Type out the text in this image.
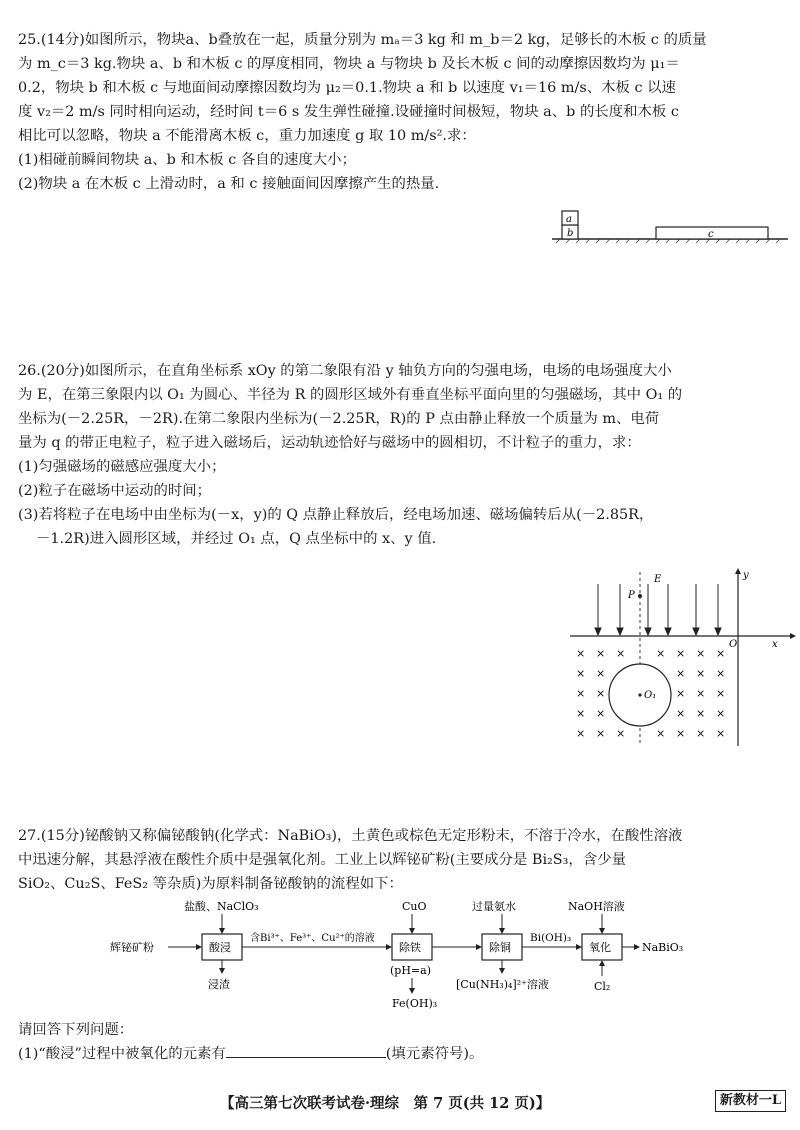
25.(14分)如图所示，物块a、b叠放在一起，质量分别为 mₐ＝3 kg 和 m_b＝2 kg，足够长的木板 c 的质量

为 m_c＝3 kg.物块 a、b 和木板 c 的厚度相同，物块 a 与物块 b 及长木板 c 间的动摩擦因数均为 μ₁＝

0.2，物块 b 和木板 c 与地面间动摩擦因数均为 μ₂＝0.1.物块 a 和 b 以速度 v₁＝16 m/s、木板 c 以速

度 v₂＝2 m/s 同时相向运动，经时间 t＝6 s 发生弹性碰撞.设碰撞时间极短，物块 a、b 的长度和木板 c

相比可以忽略，物块 a 不能滑离木板 c，重力加速度 g 取 10 m/s².求：

(1)相碰前瞬间物块 a、b 和木板 c 各自的速度大小；

(2)物块 a 在木板 c 上滑动时，a 和 c 接触面间因摩擦产生的热量.

b
a
c

26.(20分)如图所示，在直角坐标系 xOy 的第二象限有沿 y 轴负方向的匀强电场，电场的电场强度大小

为 E，在第三象限内以 O₁ 为圆心、半径为 R 的圆形区域外有垂直坐标平面向里的匀强磁场，其中 O₁ 的

坐标为(－2.25R，－2R).在第二象限内坐标为(－2.25R，R)的 P 点由静止释放一个质量为 m、电荷

量为 q 的带正电粒子，粒子进入磁场后，运动轨迹恰好与磁场中的圆相切，不计粒子的重力，求：

(1)匀强磁场的磁感应强度大小；

(2)粒子在磁场中运动的时间；

(3)若将粒子在电场中由坐标为(－x，y)的 Q 点静止释放后，经电场加速、磁场偏转后从(－2.85R，

－1.2R)进入圆形区域，并经过 O₁ 点，Q 点坐标中的 x、y 值.

y
O	x
E
P
O₁
×
×
×
×
×
×
×
×
×
×
×
×
×
×
×
×
×
×
×
×
×
×
×
×
×
×
×
×
×

27.(15分)铋酸钠又称偏铋酸钠(化学式：NaBiO₃)，土黄色或棕色无定形粉末，不溶于冷水，在酸性溶液

中迅速分解，其悬浮液在酸性介质中是强氧化剂。工业上以辉铋矿粉(主要成分是 Bi₂S₃，含少量

SiO₂、Cu₂S、FeS₂ 等杂质)为原料制备铋酸钠的流程如下：

辉铋矿粉	酸浸
盐酸、NaClO₃
浸渣
含Bi³⁺、Fe³⁺、Cu²⁺的溶液
除铁
CuO
(pH=a)
Fe(OH)₃
除铜
过量氨水
[Cu(NH₃)₄]²⁺溶液
Bi(OH)₃
氧化
NaOH溶液
Cl₂
NaBiO₃

请回答下列问题：

(1)“酸浸”过程中被氧化的元素有	(填元素符号)。

【高三第七次联考试卷·理综　第 7 页(共 12 页)】	新教材一L
